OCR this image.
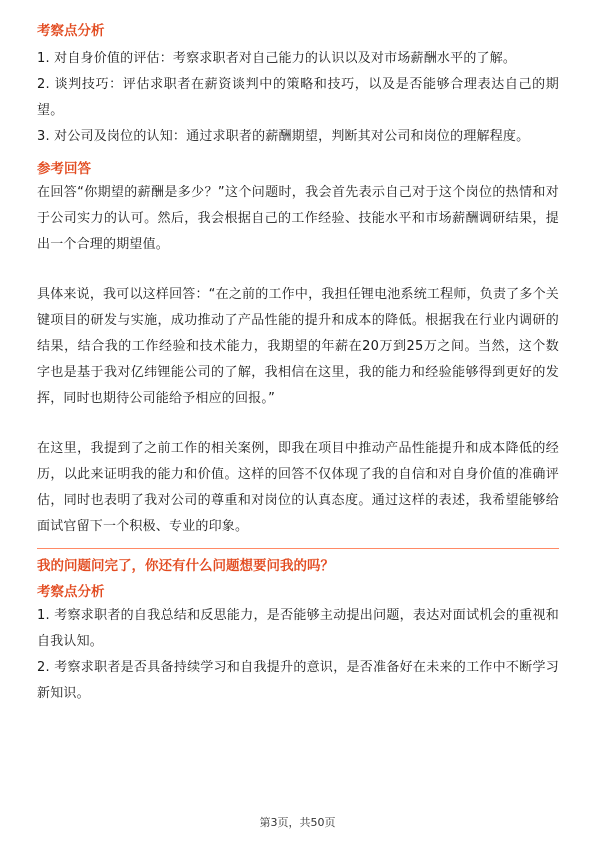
考察点分析

1. 对自身价值的评估：考察求职者对自己能力的认识以及对市场薪酬水平的了解。

2. 谈判技巧：评估求职者在薪资谈判中的策略和技巧，以及是否能够合理表达自己的期望。

3. 对公司及岗位的认知：通过求职者的薪酬期望，判断其对公司和岗位的理解程度。

参考回答

在回答“你期望的薪酬是多少？”这个问题时，我会首先表示自己对于这个岗位的热情和对于公司实力的认可。然后，我会根据自己的工作经验、技能水平和市场薪酬调研结果，提出一个合理的期望值。

具体来说，我可以这样回答：“在之前的工作中，我担任锂电池系统工程师，负责了多个关键项目的研发与实施，成功推动了产品性能的提升和成本的降低。根据我在行业内调研的结果，结合我的工作经验和技术能力，我期望的年薪在20万到25万之间。当然，这个数字也是基于我对亿纬锂能公司的了解，我相信在这里，我的能力和经验能够得到更好的发挥，同时也期待公司能给予相应的回报。”

在这里，我提到了之前工作的相关案例，即我在项目中推动产品性能提升和成本降低的经历，以此来证明我的能力和价值。这样的回答不仅体现了我的自信和对自身价值的准确评估，同时也表明了我对公司的尊重和对岗位的认真态度。通过这样的表述，我希望能够给面试官留下一个积极、专业的印象。

我的问题问完了，你还有什么问题想要问我的吗？

考察点分析

1. 考察求职者的自我总结和反思能力，是否能够主动提出问题，表达对面试机会的重视和自我认知。

2. 考察求职者是否具备持续学习和自我提升的意识，是否准备好在未来的工作中不断学习新知识。

第3页，共50页
